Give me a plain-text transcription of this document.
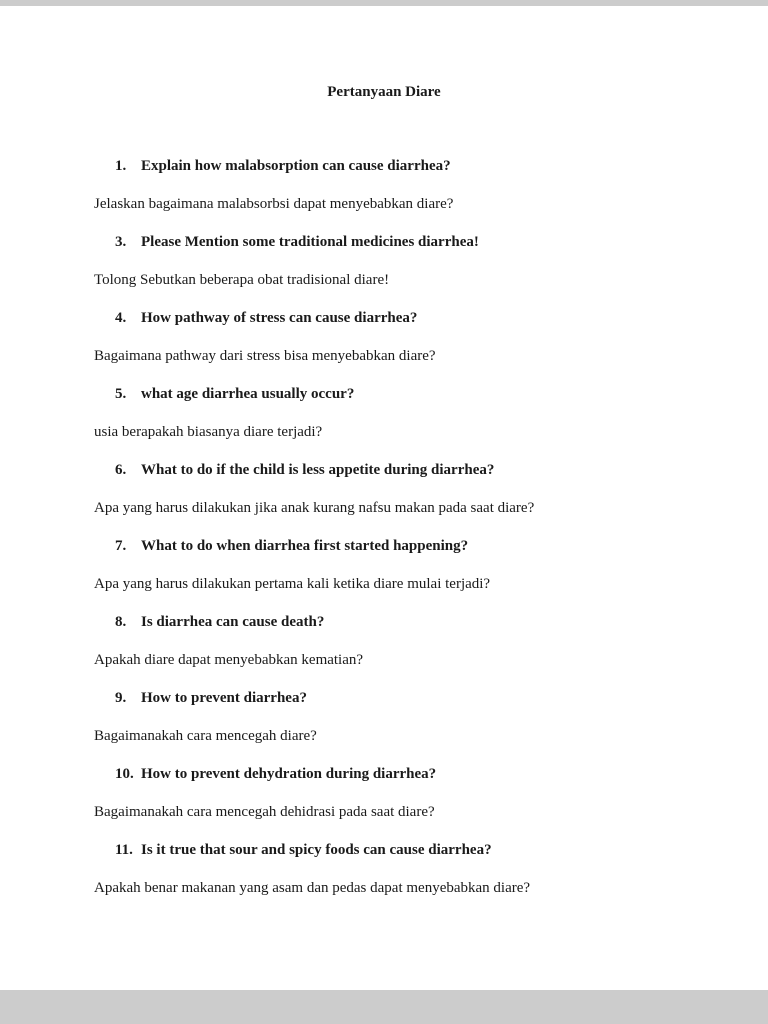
Pertanyaan Diare

1. Explain how malabsorption can cause diarrhea?

Jelaskan bagaimana malabsorbsi dapat menyebabkan diare?

3. Please Mention some traditional medicines diarrhea!

Tolong Sebutkan beberapa obat tradisional diare!

4. How pathway of stress can cause diarrhea?

Bagaimana pathway dari stress bisa menyebabkan diare?

5. what age diarrhea usually occur?

usia berapakah biasanya diare terjadi?

6. What to do if the child is less appetite during diarrhea?

Apa yang harus dilakukan jika anak kurang nafsu makan pada saat diare?

7. What to do when diarrhea first started happening?

Apa yang harus dilakukan pertama kali ketika diare mulai terjadi?

8. Is diarrhea can cause death?

Apakah diare dapat menyebabkan kematian?

9. How to prevent diarrhea?

Bagaimanakah cara mencegah diare?

10. How to prevent dehydration during diarrhea?

Bagaimanakah cara mencegah dehidrasi pada saat diare?

11. Is it true that sour and spicy foods can cause diarrhea?

Apakah benar makanan yang asam dan pedas dapat menyebabkan diare?
